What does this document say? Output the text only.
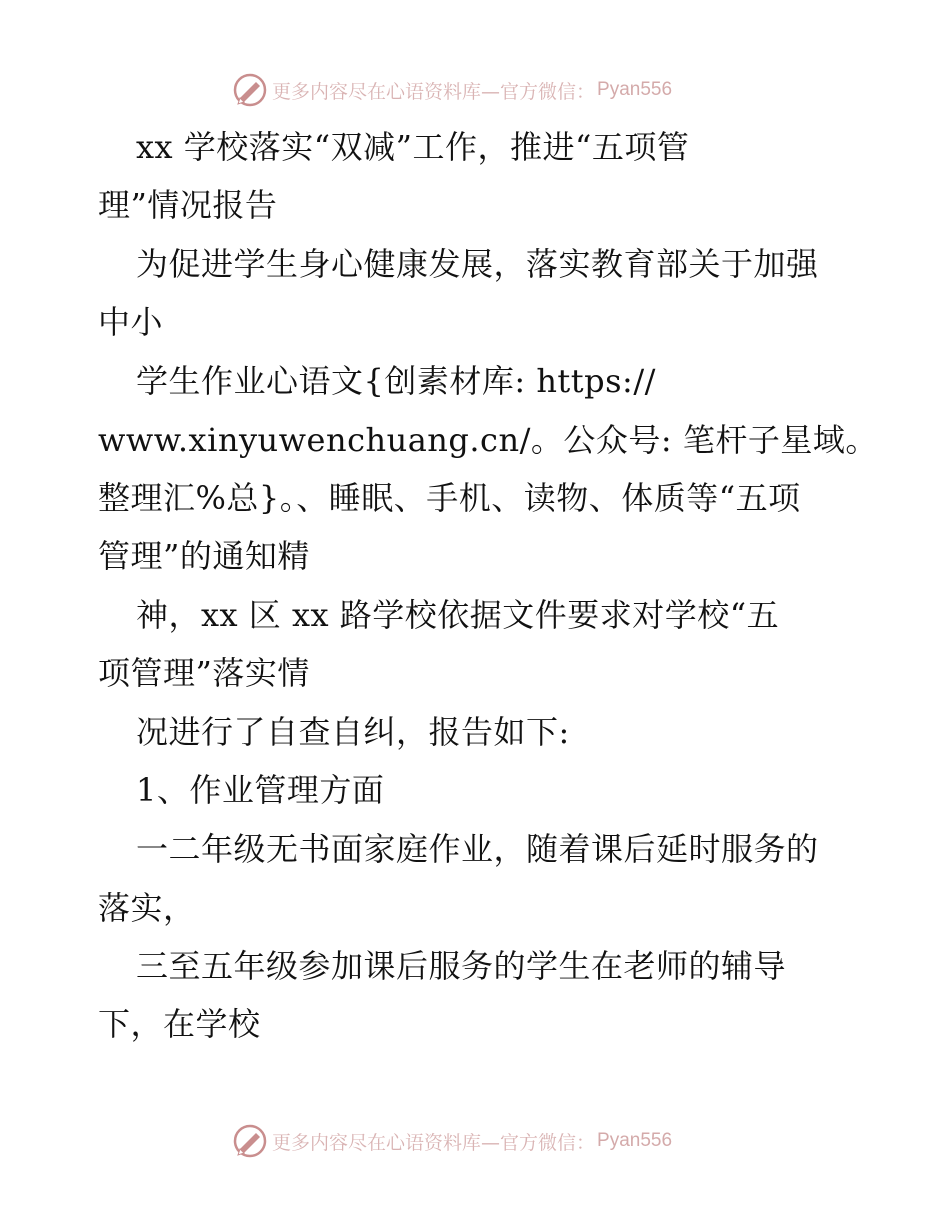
更多内容尽在心语资料库—官方微信： Pyan556
xx 学校落实“双减”工作，推进“五项管
理”情况报告
为促进学生身心健康发展，落实教育部关于加强
中小
学生作业心语文{创素材库: https://
www.xinyuwenchuang.cn/。公众号: 笔杆子星域。
整理汇%总}。、睡眠、手机、读物、体质等“五项
管理”的通知精
神，xx 区 xx 路学校依据文件要求对学校“五
项管理”落实情
况进行了自查自纠，报告如下:
1、作业管理方面
一二年级无书面家庭作业，随着课后延时服务的
落实，
三至五年级参加课后服务的学生在老师的辅导
下，在学校
更多内容尽在心语资料库—官方微信： Pyan556
